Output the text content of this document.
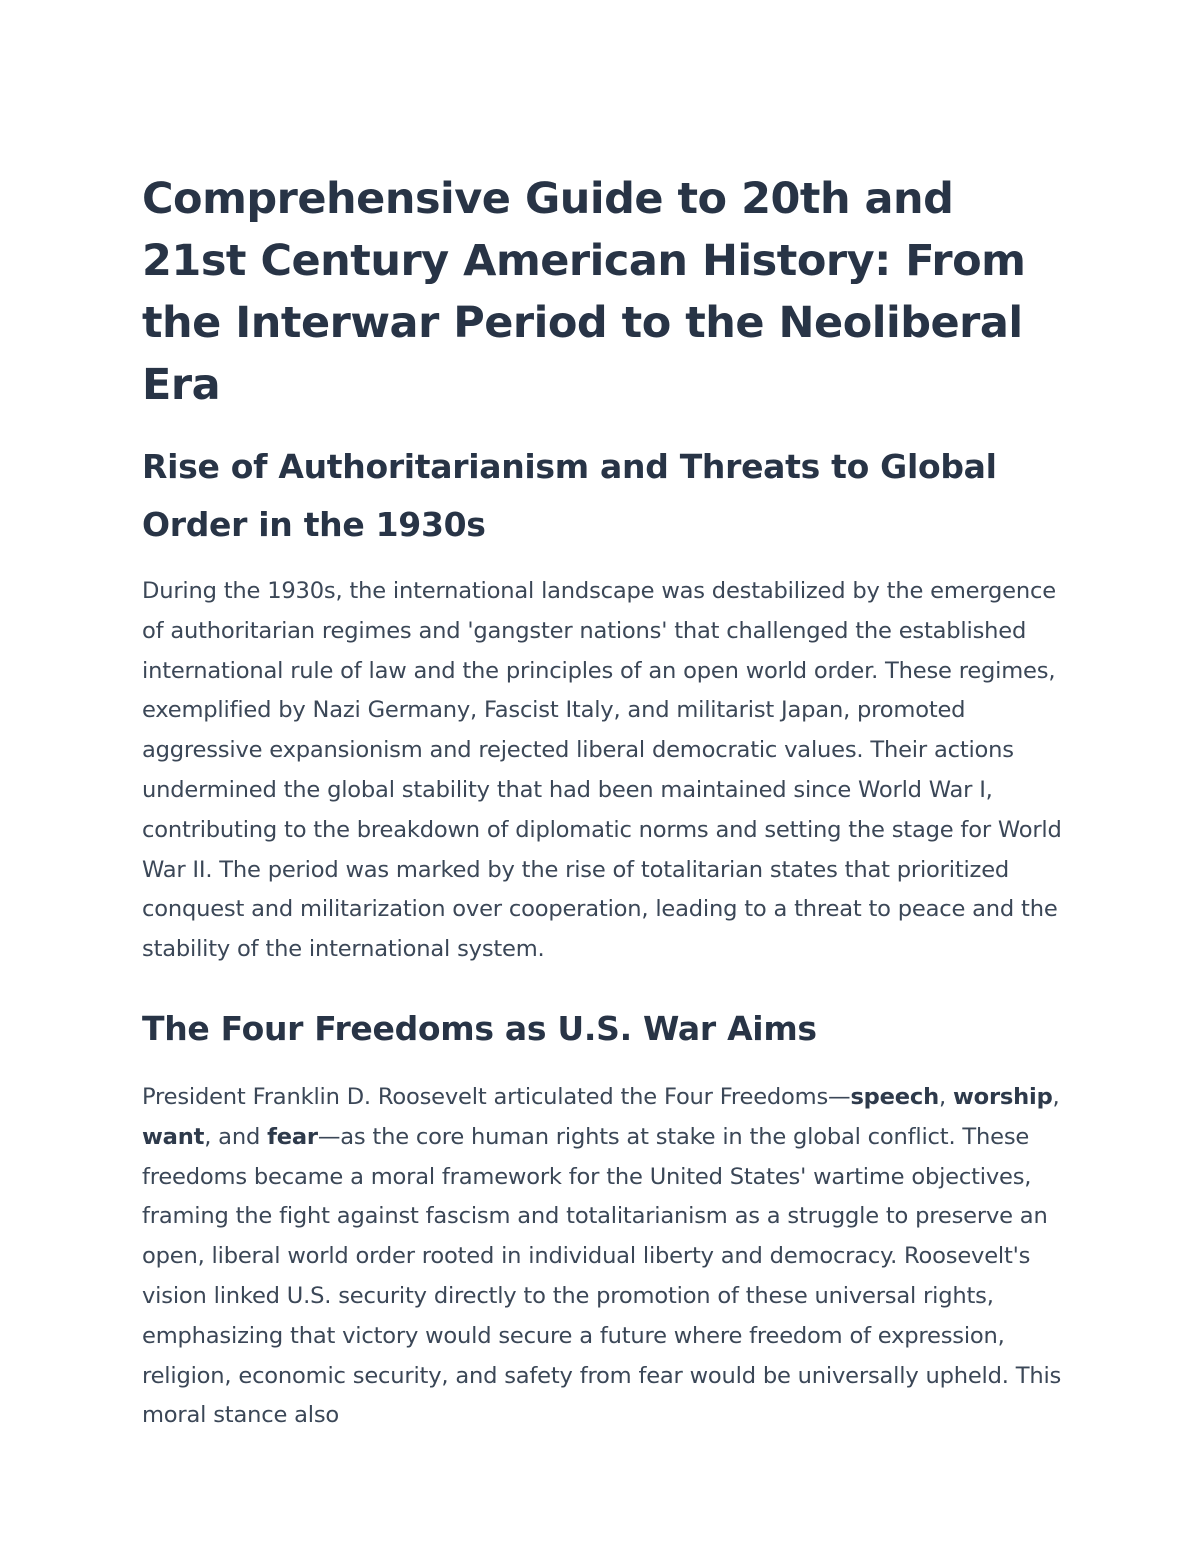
Comprehensive Guide to 20th and 21st Century American History: From the Interwar Period to the Neoliberal Era
Rise of Authoritarianism and Threats to Global Order in the 1930s

During the 1930s, the international landscape was destabilized by the emergence of authoritarian regimes and 'gangster nations' that challenged the established international rule of law and the principles of an open world order. These regimes, exemplified by Nazi Germany, Fascist Italy, and militarist Japan, promoted aggressive expansionism and rejected liberal democratic values. Their actions undermined the global stability that had been maintained since World War I, contributing to the breakdown of diplomatic norms and setting the stage for World War II. The period was marked by the rise of totalitarian states that prioritized conquest and militarization over cooperation, leading to a threat to peace and the stability of the international system.

The Four Freedoms as U.S. War Aims

President Franklin D. Roosevelt articulated the Four Freedoms—speech, worship, want, and fear—as the core human rights at stake in the global conflict. These freedoms became a moral framework for the United States' wartime objectives, framing the fight against fascism and totalitarianism as a struggle to preserve an open, liberal world order rooted in individual liberty and democracy. Roosevelt's vision linked U.S. security directly to the promotion of these universal rights, emphasizing that victory would secure a future where freedom of expression, religion, economic security, and safety from fear would be universally upheld. This moral stance also
